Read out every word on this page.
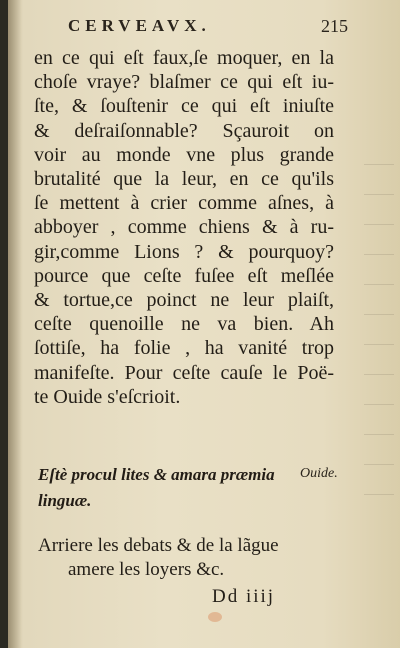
CERVEAVX.	215
en ce qui eſt faux,ſe moquer, en la
choſe vraye? blaſmer ce qui eſt iu-
ſte, & ſouſtenir ce qui eſt iniuſte
& deſraiſonnable? Sçauroit on
voir au monde vne plus grande
brutalité que la leur, en ce qu'ils
ſe mettent à crier comme aſnes, à
abboyer , comme chiens & à ru-
gir,comme Lions ? & pourquoy?
pource que ceſte fuſee eſt meſlée
& tortue,ce poinct ne leur plaiſt,
ceſte quenoille ne va bien. Ah
ſottiſe, ha folie , ha vanité trop
manifeſte. Pour ceſte cauſe le Poë-
te Ouide s'eſcrioit.
Eſtè procul lites & amara præmia
linguæ.
Ouide.
Arriere les debats & de la lãgue
amere les loyers &c.
Dd iiij
